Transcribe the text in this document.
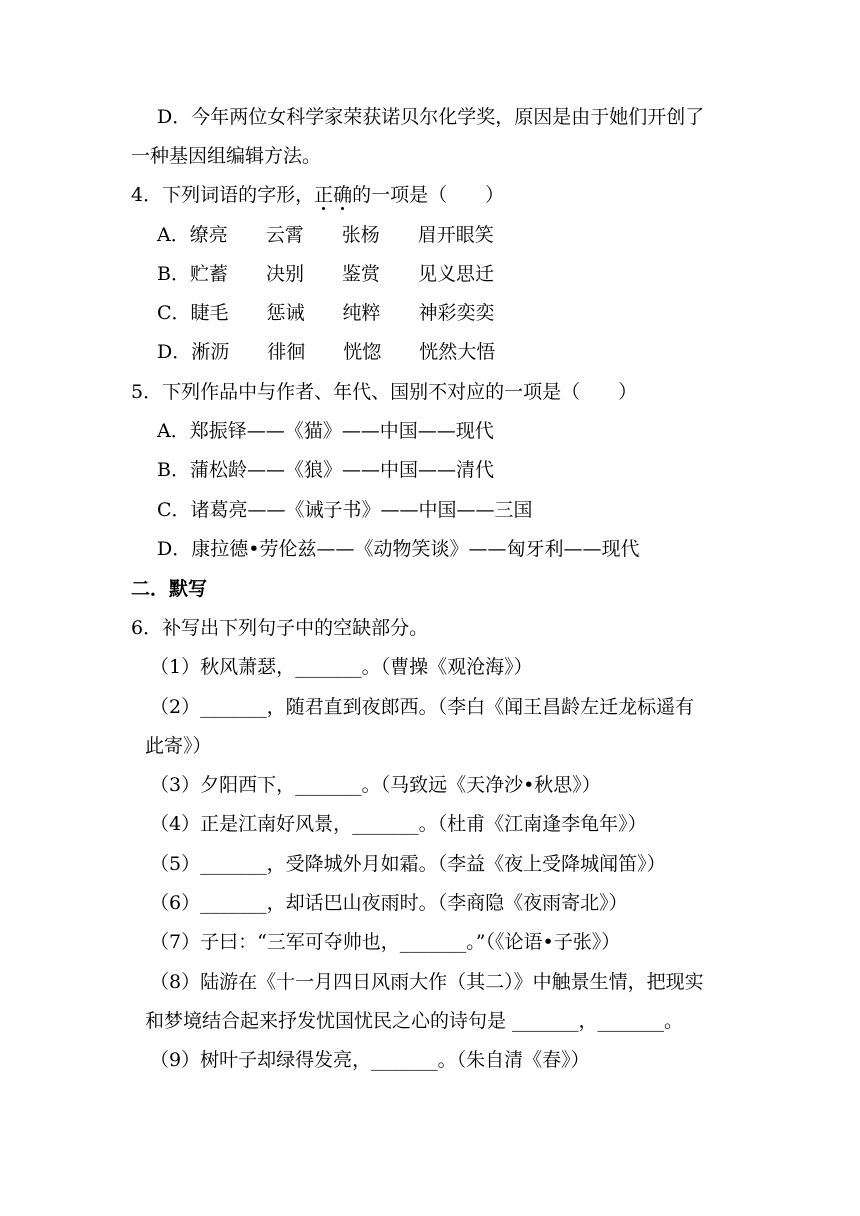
D．今年两位女科学家荣获诺贝尔化学奖，原因是由于她们开创了
一种基因组编辑方法。
4．下列词语的字形，正确的一项是（　　）
A．缭亮　　云霄　　张杨　　眉开眼笑
B．贮蓄　　决别　　鉴赏　　见义思迁
C．睫毛　　惩诫　　纯粹　　神彩奕奕
D．淅沥　　徘徊　　恍惚　　恍然大悟
5．下列作品中与作者、年代、国别不对应的一项是（　　）
A．郑振铎——《猫》——中国——现代
B．蒲松龄——《狼》——中国——清代
C．诸葛亮——《诫子书》——中国——三国
D．康拉德•劳伦兹——《动物笑谈》——匈牙利——现代
二．默写
6．补写出下列句子中的空缺部分。
（1）秋风萧瑟，_______。（曹操《观沧海》）
（2）_______，随君直到夜郎西。（李白《闻王昌龄左迁龙标遥有
此寄》）
（3）夕阳西下，_______。（马致远《天净沙•秋思》）
（4）正是江南好风景，_______。（杜甫《江南逢李龟年》）
（5）_______，受降城外月如霜。（李益《夜上受降城闻笛》）
（6）_______，却话巴山夜雨时。（李商隐《夜雨寄北》）
（7）子曰：“三军可夺帅也，_______。”（《论语•子张》）
（8）陆游在《十一月四日风雨大作（其二）》中触景生情，把现实
和梦境结合起来抒发忧国忧民之心的诗句是 _______，_______。
（9）树叶子却绿得发亮，_______。（朱自清《春》）
